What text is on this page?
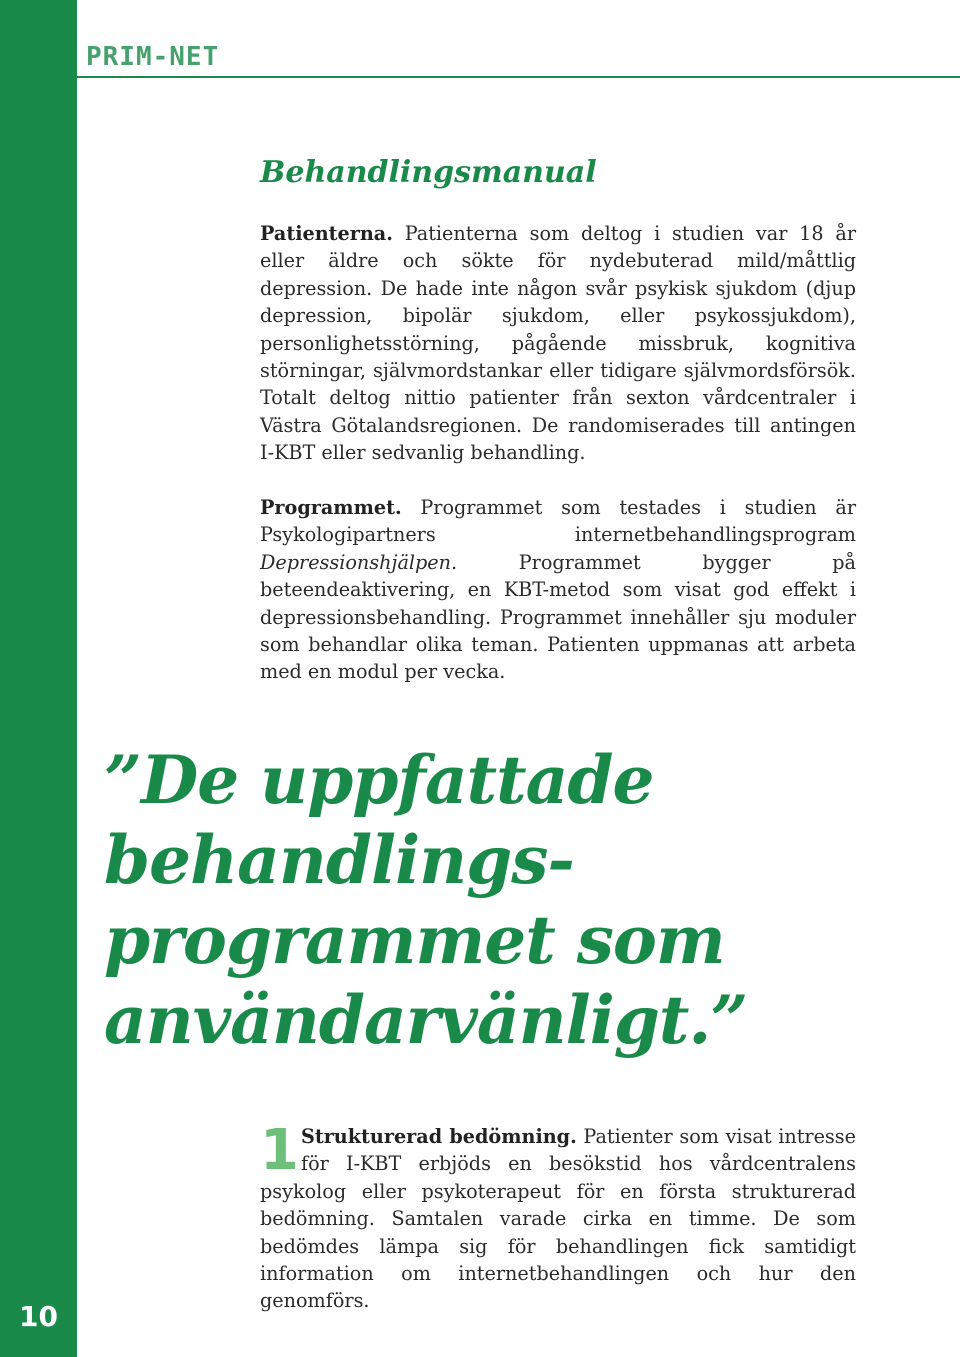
10
PRIM-NET
Behandlingsmanual
Patienterna. Patienterna som deltog i studien var 18 år eller äldre och sökte för nydebuterad mild/måttlig depression. De hade inte någon svår psykisk sjukdom (djup depression, bipolär sjukdom, eller psykossjukdom), personlighetsstörning, pågående missbruk, kognitiva störningar, självmordstankar eller tidigare självmordsförsök. Totalt deltog nittio patienter från sexton vårdcentraler i Västra Götalandsregionen. De randomiserades till antingen I-KBT eller sedvanlig behandling.
Programmet. Programmet som testades i studien är Psykologipartners internetbehandlingsprogram Depressionshjälpen. Programmet bygger på beteendeaktivering, en KBT-metod som visat god effekt i depressionsbehandling. Programmet innehåller sju moduler som behandlar olika teman. Patienten uppmanas att arbeta med en modul per vecka.
”De uppfattade
behandlings-
programmet som
användarvänligt.”
1 Strukturerad bedömning. Patienter som visat intresse för I-KBT erbjöds en besökstid hos vårdcentralens psykolog eller psykoterapeut för en första strukturerad bedömning. Samtalen varade cirka en timme. De som bedömdes lämpa sig för behandlingen fick samtidigt information om internetbehandlingen och hur den genomförs.
